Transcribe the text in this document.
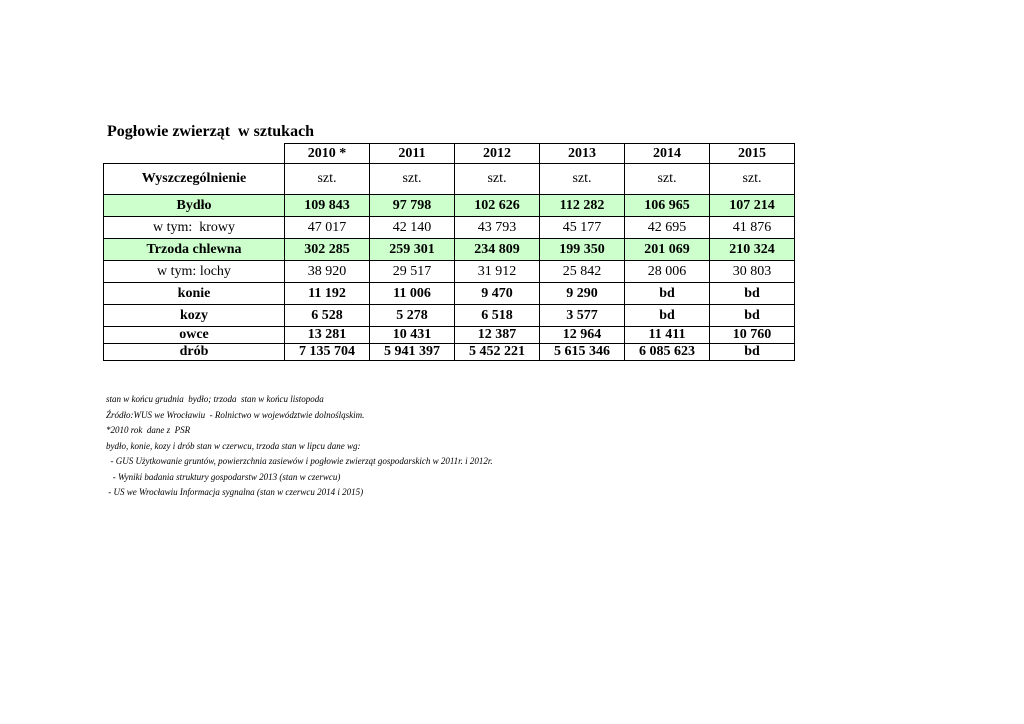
Pogłowie zwierząt  w sztukach
	2010 *	2011	2012	2013	2014	2015
Wyszczególnienie	szt.	szt.	szt.	szt.	szt.	szt.
Bydło	109 843	97 798	102 626	112 282	106 965	107 214
w tym:  krowy	47 017	42 140	43 793	45 177	42 695	41 876
Trzoda chlewna	302 285	259 301	234 809	199 350	201 069	210 324
w tym: lochy	38 920	29 517	31 912	25 842	28 006	30 803
konie	11 192	11 006	9 470	9 290	bd	bd
kozy	6 528	5 278	6 518	3 577	bd	bd
owce	13 281	10 431	12 387	12 964	11 411	10 760
drób	7 135 704	5 941 397	5 452 221	5 615 346	6 085 623	bd
stan w końcu grudnia  bydło; trzoda  stan w końcu listopoda
Źródło:WUS we Wrocławiu  - Rolnictwo w województwie dolnośląskim.
*2010 rok  dane z  PSR
bydło, konie, kozy i drób stan w czerwcu, trzoda stan w lipcu dane wg:
- GUS Użytkowanie gruntów, powierzchnia zasiewów i pogłowie zwierząt gospodarskich w 2011r. i 2012r.
- Wyniki badania struktury gospodarstw 2013 (stan w czerwcu)
- US we Wrocławiu Informacja sygnalna (stan w czerwcu 2014 i 2015)
